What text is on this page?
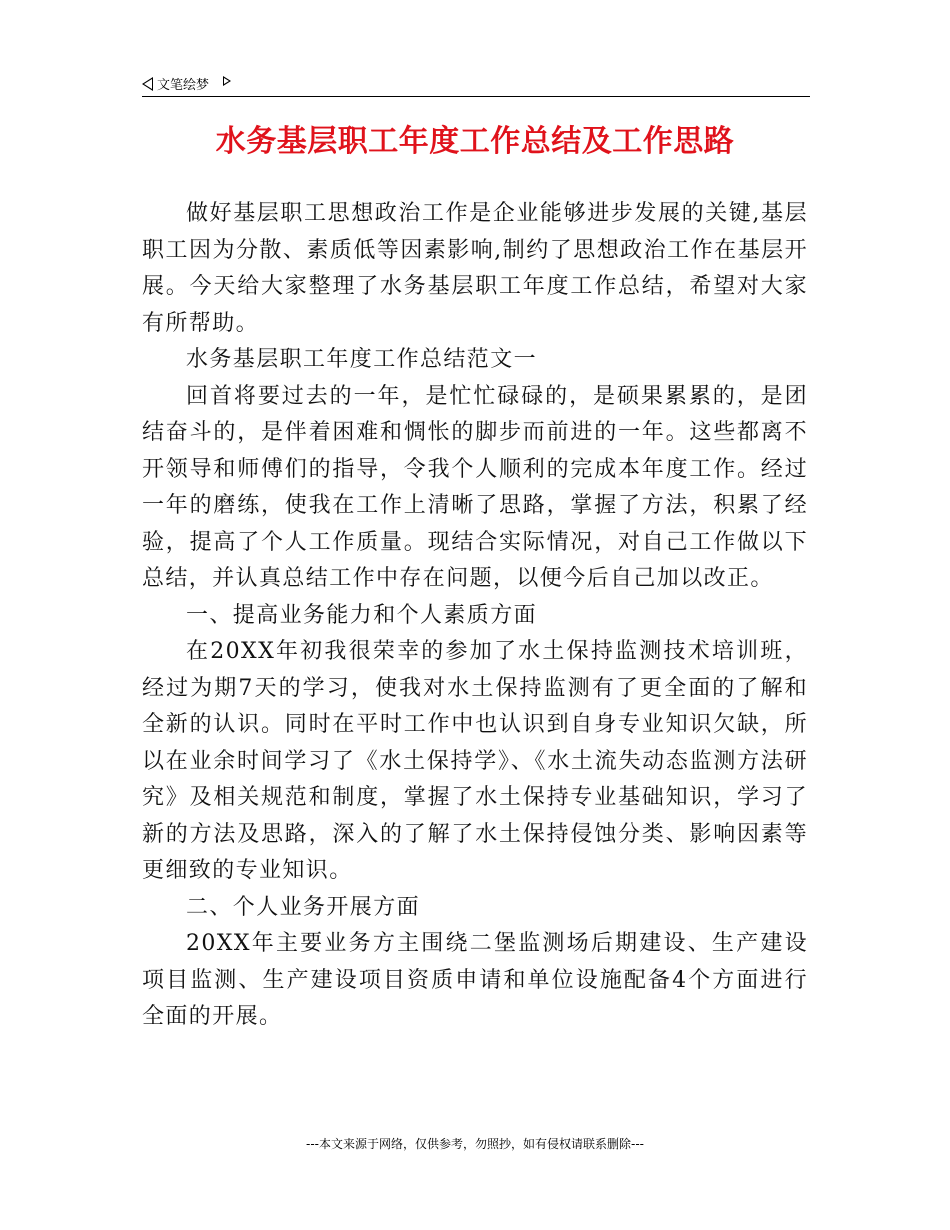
文笔绘梦
水务基层职工年度工作总结及工作思路

做好基层职工思想政治工作是企业能够进步发展的关键,基层职工因为分散、素质低等因素影响,制约了思想政治工作在基层开展。今天给大家整理了水务基层职工年度工作总结，希望对大家有所帮助。

水务基层职工年度工作总结范文一

回首将要过去的一年，是忙忙碌碌的，是硕果累累的，是团结奋斗的，是伴着困难和惆怅的脚步而前进的一年。这些都离不开领导和师傅们的指导，令我个人顺利的完成本年度工作。经过一年的磨练，使我在工作上清晰了思路，掌握了方法，积累了经验，提高了个人工作质量。现结合实际情况，对自己工作做以下总结，并认真总结工作中存在问题，以便今后自己加以改正。

一、提高业务能力和个人素质方面

在20XX年初我很荣幸的参加了水土保持监测技术培训班，经过为期7天的学习，使我对水土保持监测有了更全面的了解和全新的认识。同时在平时工作中也认识到自身专业知识欠缺，所以在业余时间学习了《水土保持学》、《水土流失动态监测方法研究》及相关规范和制度，掌握了水土保持专业基础知识，学习了新的方法及思路，深入的了解了水土保持侵蚀分类、影响因素等更细致的专业知识。

二、个人业务开展方面

20XX年主要业务方主围绕二堡监测场后期建设、生产建设项目监测、生产建设项目资质申请和单位设施配备4个方面进行全面的开展。

---本文来源于网络，仅供参考，勿照抄，如有侵权请联系删除---
